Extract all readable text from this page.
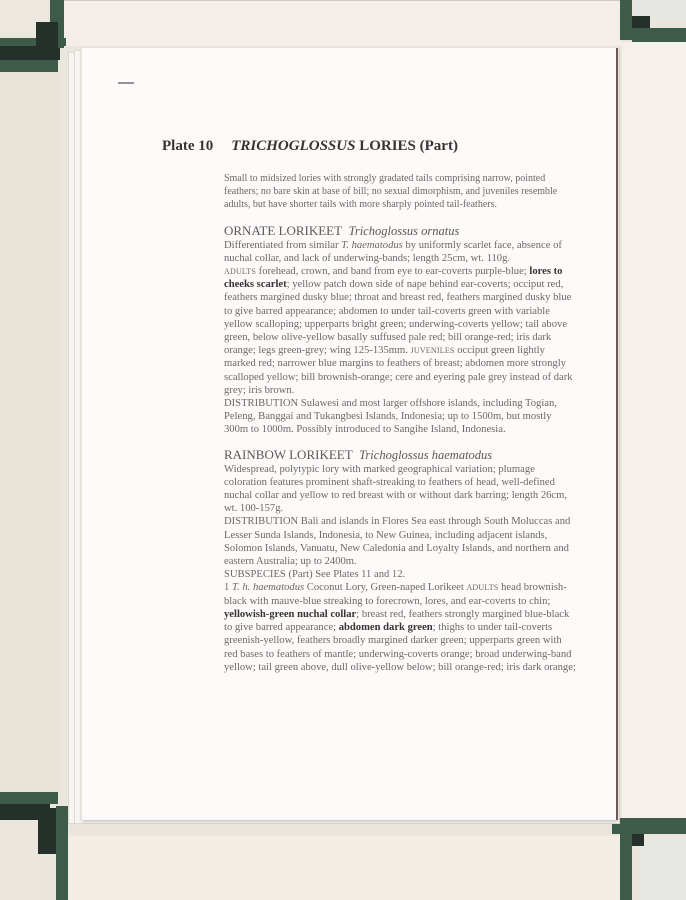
Plate 10 TRICHOGLOSSUS LORIES (Part)

Small to midsized lories with strongly gradated tails comprising narrow, pointed feathers; no bare skin at base of bill; no sexual dimorphism, and juveniles resemble adults, but have shorter tails with more sharply pointed tail-feathers.

ORNATE LORIKEET Trichoglossus ornatus

Differentiated from similar T. haematodus by uniformly scarlet face, absence of nuchal collar, and lack of underwing-bands; length 25cm, wt. 110g.

ADULTS forehead, crown, and band from eye to ear-coverts purple-blue; lores to cheeks scarlet; yellow patch down side of nape behind ear-coverts; occiput red, feathers margined dusky blue; throat and breast red, feathers margined dusky blue to give barred appearance; abdomen to under tail-coverts green with variable yellow scalloping; upperparts bright green; underwing-coverts yellow; tail above green, below olive-yellow basally suffused pale red; bill orange-red; iris dark orange; legs green-grey; wing 125-135mm. JUVENILES occiput green lightly marked red; narrower blue margins to feathers of breast; abdomen more strongly scalloped yellow; bill brownish-orange; cere and eyering pale grey instead of dark grey; iris brown.

DISTRIBUTION Sulawesi and most larger offshore islands, including Togian, Peleng, Banggai and Tukangbesi Islands, Indonesia; up to 1500m, but mostly 300m to 1000m. Possibly introduced to Sangihe Island, Indonesia.

RAINBOW LORIKEET Trichoglossus haematodus

Widespread, polytypic lory with marked geographical variation; plumage coloration features prominent shaft-streaking to feathers of head, well-defined nuchal collar and yellow to red breast with or without dark barring; length 26cm, wt. 100-157g.

DISTRIBUTION Bali and islands in Flores Sea east through South Moluccas and Lesser Sunda Islands, Indonesia, to New Guinea, including adjacent islands, Solomon Islands, Vanuatu, New Caledonia and Loyalty Islands, and northern and eastern Australia; up to 2400m.

SUBSPECIES (Part) See Plates 11 and 12.

1 T. h. haematodus Coconut Lory, Green-naped Lorikeet ADULTS head brownish-black with mauve-blue streaking to forecrown, lores, and ear-coverts to chin; yellowish-green nuchal collar; breast red, feathers strongly margined blue-black to give barred appearance; abdomen dark green; thighs to under tail-coverts greenish-yellow, feathers broadly margined darker green; upperparts green with red bases to feathers of mantle; underwing-coverts orange; broad underwing-band yellow; tail green above, dull olive-yellow below; bill orange-red; iris dark orange;
